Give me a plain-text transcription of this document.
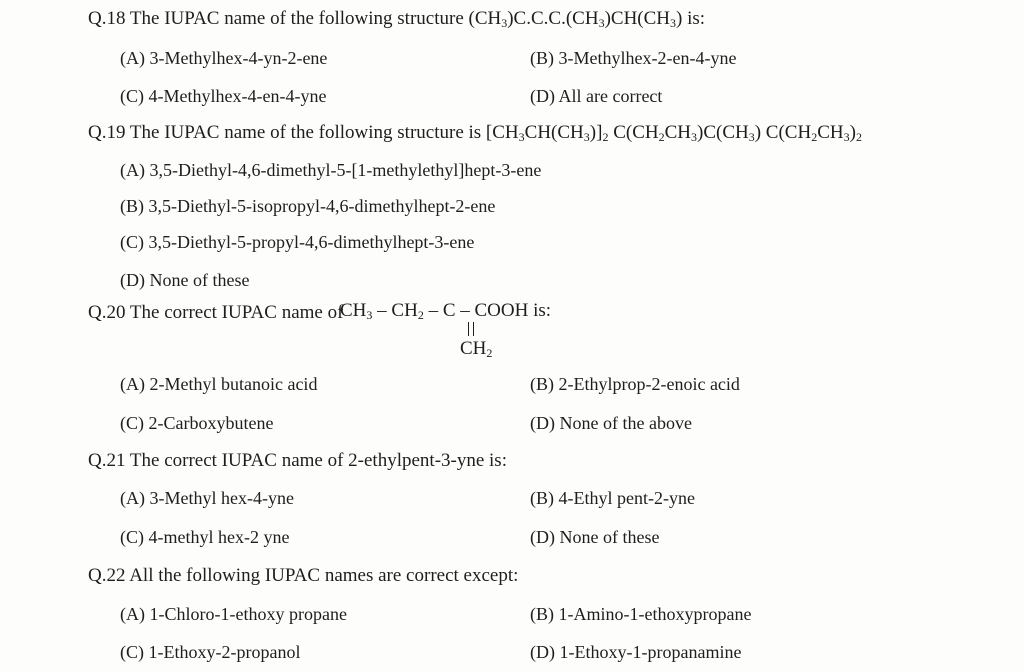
Q.18 The IUPAC name of the following structure $(CH_3)C.C.C.(CH_3)CH(CH_3)$ is:
(A) 3-Methylhex-4-yn-2-ene	(B) 3-Methylhex-2-en-4-yne
(C) 4-Methylhex-4-en-4-yne	(D) All are correct
Q.19 The IUPAC name of the following structure is $[CH_3CH(CH_3)]_2$ $C(CH_2CH_3)C(CH_3)$ $C(CH_2CH_3)_2$
(A) 3,5-Diethyl-4,6-dimethyl-5-[1-methylethyl]hept-3-ene
(B) 3,5-Diethyl-5-isopropyl-4,6-dimethylhept-2-ene
(C) 3,5-Diethyl-5-propyl-4,6-dimethylhept-3-ene
(D) None of these
Q.20 The correct IUPAC name of
$CH_3 - CH_2$ – C – COOH is:
$CH_2$
(A) 2-Methyl butanoic acid	(B) 2-Ethylprop-2-enoic acid
(C) 2-Carboxybutene	(D) None of the above
Q.21 The correct IUPAC name of 2-ethylpent-3-yne is:
(A) 3-Methyl hex-4-yne	(B) 4-Ethyl pent-2-yne
(C) 4-methyl hex-2 yne	(D) None of these
Q.22 All the following IUPAC names are correct except:
(A) 1-Chloro-1-ethoxy propane	(B) 1-Amino-1-ethoxypropane
(C) 1-Ethoxy-2-propanol	(D) 1-Ethoxy-1-propanamine
